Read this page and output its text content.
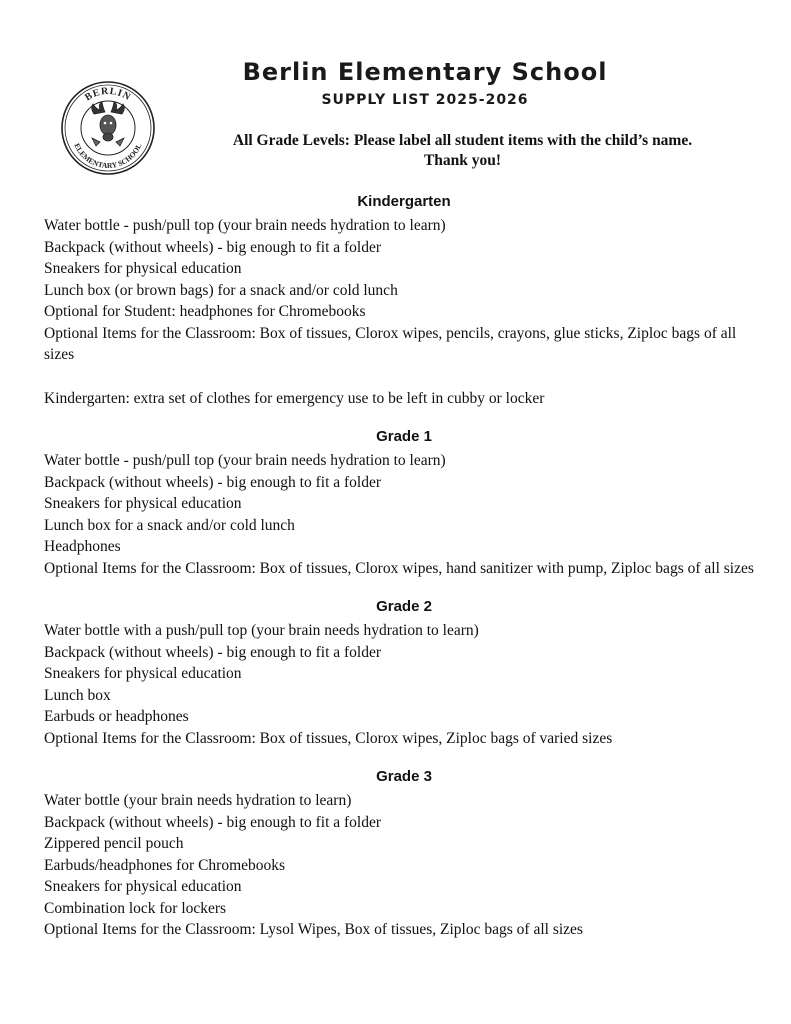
BERLIN
ELEMENTARY SCHOOL
Berlin Elementary School
SUPPLY LIST 2025-2026
All Grade Levels: Please label all student items with the child’s name.
Thank you!
Kindergarten
Water bottle - push/pull top (your brain needs hydration to learn)
Backpack (without wheels) - big enough to fit a folder
Sneakers for physical education
Lunch box (or brown bags) for a snack and/or cold lunch
Optional for Student: headphones for Chromebooks
Optional Items for the Classroom: Box of tissues, Clorox wipes, pencils, crayons, glue sticks, Ziploc bags of all sizes
Kindergarten: extra set of clothes for emergency use to be left in cubby or locker
Grade 1
Water bottle - push/pull top (your brain needs hydration to learn)
Backpack (without wheels) - big enough to fit a folder
Sneakers for physical education
Lunch box for a snack and/or cold lunch
Headphones
Optional Items for the Classroom: Box of tissues, Clorox wipes, hand sanitizer with pump, Ziploc bags of all sizes
Grade 2
Water bottle with a push/pull top (your brain needs hydration to learn)
Backpack (without wheels) - big enough to fit a folder
Sneakers for physical education
Lunch box
Earbuds or headphones
Optional Items for the Classroom: Box of tissues, Clorox wipes, Ziploc bags of varied sizes
Grade 3
Water bottle (your brain needs hydration to learn)
Backpack (without wheels) - big enough to fit a folder
Zippered pencil pouch
Earbuds/headphones for Chromebooks
Sneakers for physical education
Combination lock for lockers
Optional Items for the Classroom: Lysol Wipes, Box of tissues, Ziploc bags of all sizes
